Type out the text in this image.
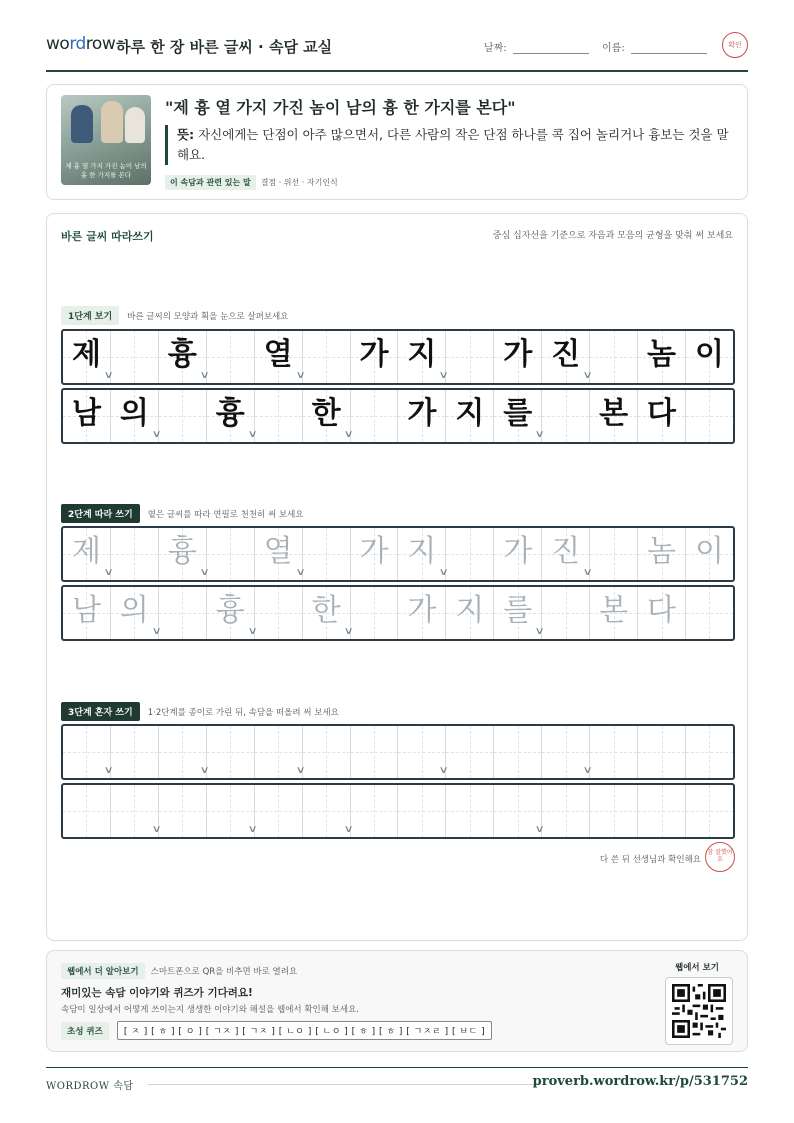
wordrow 하루 한 장 바른 글씨 · 속담 교실	날짜:	이름:	확인
제 흉 열 가지 가진 놈이 남의 흉 한 가지를 본다
"제 흉 열 가지 가진 놈이 남의 흉 한 가지를 본다"
뜻: 자신에게는 단점이 아주 많으면서, 다른 사람의 작은 단점 하나를 콕 집어 놀리거나 흉보는 것을 말해요.
이 속담과 관련 있는 말 결점 · 위선 · 자기인식
바른 글씨 따라쓰기	중심 십자선을 기준으로 자음과 모음의 균형을 맞춰 써 보세요
1단계 보기	바른 글씨의 모양과 획을 눈으로 살펴보세요
제
∨
흉
∨
열
∨
가 지
∨
가 진
∨
놈 이
남 의
∨
흉
∨
한
∨
가 지 를
∨
본 다
2단계 따라 쓰기	옅은 글씨를 따라 연필로 천천히 써 보세요
제
∨
흉
∨
열
∨
가 지
∨
가 진
∨
놈 이
남 의
∨
흉
∨
한
∨
가 지 를
∨
본 다
3단계 혼자 쓰기	1·2단계를 종이로 가린 뒤, 속담을 떠올려 써 보세요
∨	∨	∨	∨	∨
∨	∨	∨	∨
다 쓴 뒤 선생님과 확인해요
참 잘했어요
웹에서 더 알아보기 스마트폰으로 QR을 비추면 바로 열려요
재미있는 속담 이야기와 퀴즈가 기다려요!
속담이 일상에서 어떻게 쓰이는지 생생한 이야기와 해설을 웹에서 확인해 보세요.
초성 퀴즈	[ ㅈ ] [ ㅎ ] [ ㅇ ] [ ㄱㅈ ] [ ㄱㅈ ] [ ㄴㅇ ] [ ㄴㅇ ] [ ㅎ ] [ ㅎ ] [ ㄱㅈㄹ ] [ ㅂㄷ ]
웹에서 보기
WORDROW 속담	proverb.wordrow.kr/p/531752
